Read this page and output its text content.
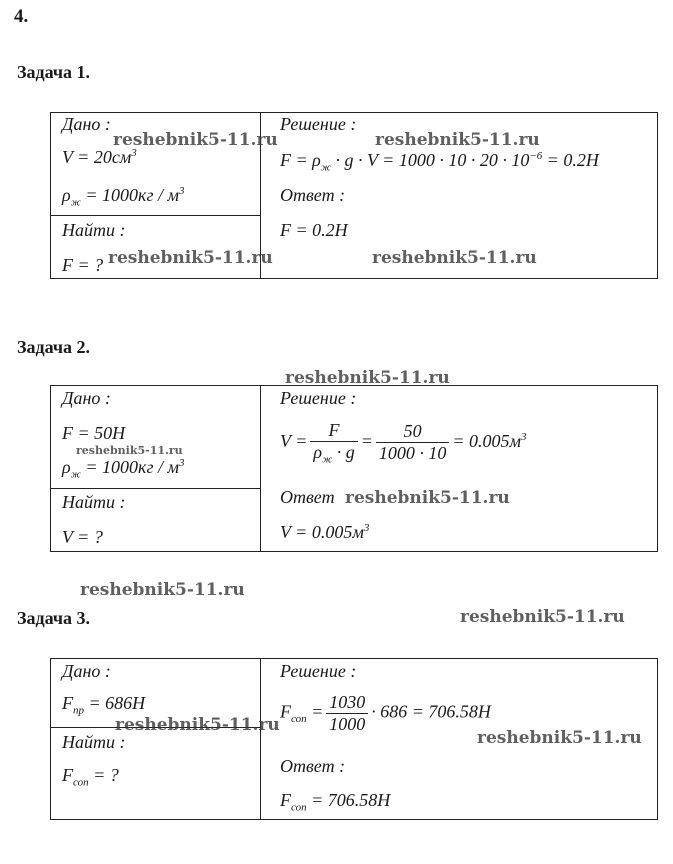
4.
Задача 1.
Дано :
$V = 20см^3$
$\rho_ж = 1000кг / м^3$
Найти :
F = ?
Решение :
$F = \rho_ж \cdot g \cdot V = 1000 \cdot 10 \cdot 20 \cdot 10^{-6} = 0.2H$
Ответ :
F = 0.2H
reshebnik5-11.ru	reshebnik5-11.ru
reshebnik5-11.ru	reshebnik5-11.ru
Задача 2.
reshebnik5-11.ru
Дано :
F = 50H
reshebnik5-11.ru
$\rho_ж = 1000кг / м^3$
Найти :
V = ?
Решение :
$V = \frac{F}{\rho_ж \cdot g} = \frac{50}{1000 \cdot 10} = 0.005м^3$
Ответ reshebnik5-11.ru
$V = 0.005м^3$
reshebnik5-11.ru
Задача 3.	reshebnik5-11.ru
Дано :
$F_{пр} = 686H$
Найти :
$F_{соп}$ = ?
Решение :
$F_{соп} = \frac{1030}{1000} \cdot 686 = 706.58H$
Ответ :
$F_{соп} = 706.58H$
reshebnik5-11.ru
reshebnik5-11.ru
